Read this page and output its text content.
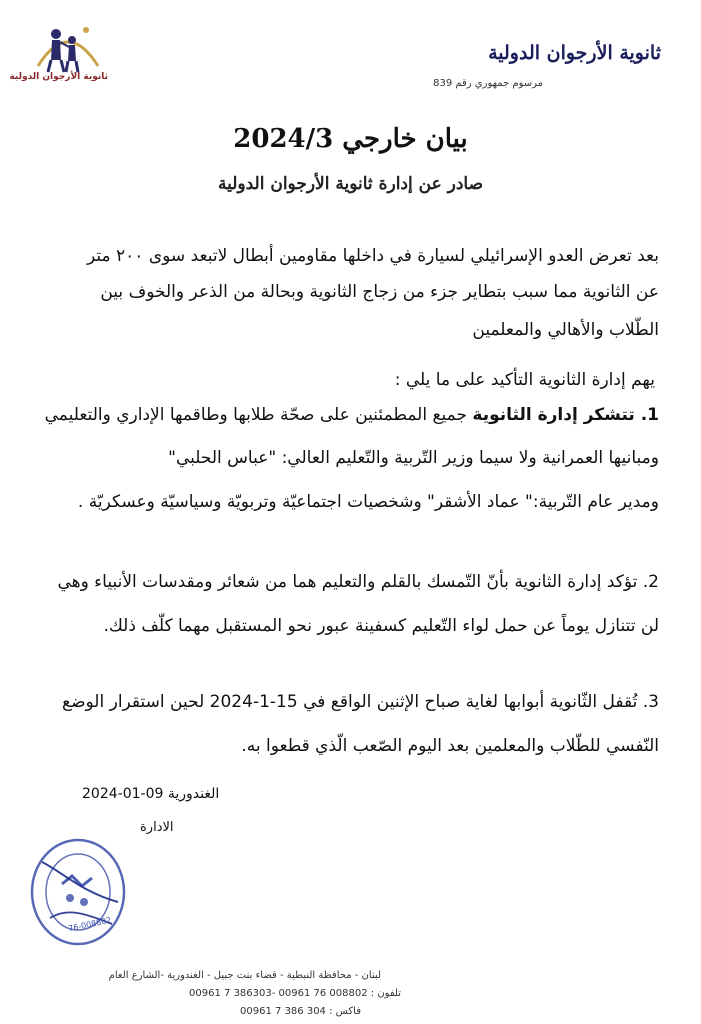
ثانوية الأرجوان الدولية
ثانوية الأرجوان الدولية
مرسوم جمهوري رقم 839
بيان خارجي 2024/3
صادر عن إدارة ثانوية الأرجوان الدولية
بعد تعرض العدو الإسرائيلي لسيارة في داخلها مقاومين أبطال لاتبعد سوى ٢٠٠ متر
عن الثانوية مما سبب بتطاير جزء من زجاج الثانوية وبحالة من الذعر والخوف بين
الطّلاب والأهالي والمعلمين
يهم إدارة الثانوية التأكيد على ما يلي :
1. تتشكر إدارة الثانوية جميع المطمئنين على صحّة طلابها وطاقمها الإداري والتعليمي
ومبانيها العمرانية ولا سيما وزير التّربية والتّعليم العالي: "عباس الحلبي"
ومدير عام التّربية:" عماد الأشقر" وشخصيات اجتماعيّة وتربويّة وسياسيّة وعسكريّة .
2. تؤكد إدارة الثانوية بأنّ التّمسك بالقلم والتعليم هما من شعائر ومقدسات الأنبياء وهي
لن تتنازل يوماً عن حمل لواء التّعليم كسفينة عبور نحو المستقبل مهما كلّف ذلك.
3. تُقفل الثّانوية أبوابها لغاية صباح الإثنين الواقع في 15-1-2024 لحين استقرار الوضع
النّفسي للطّلاب والمعلمين بعد اليوم الصّعب الّذي قطعوا به.
الغندورية 09-01-2024
الادارة
76-008802
لبنان - محافظة النبطية - قضاء بنت جبيل - الغندورية -الشارع العام
تلفون : 00961 7 386303- 00961 76 008802
فاكس : 00961 7 386 304
